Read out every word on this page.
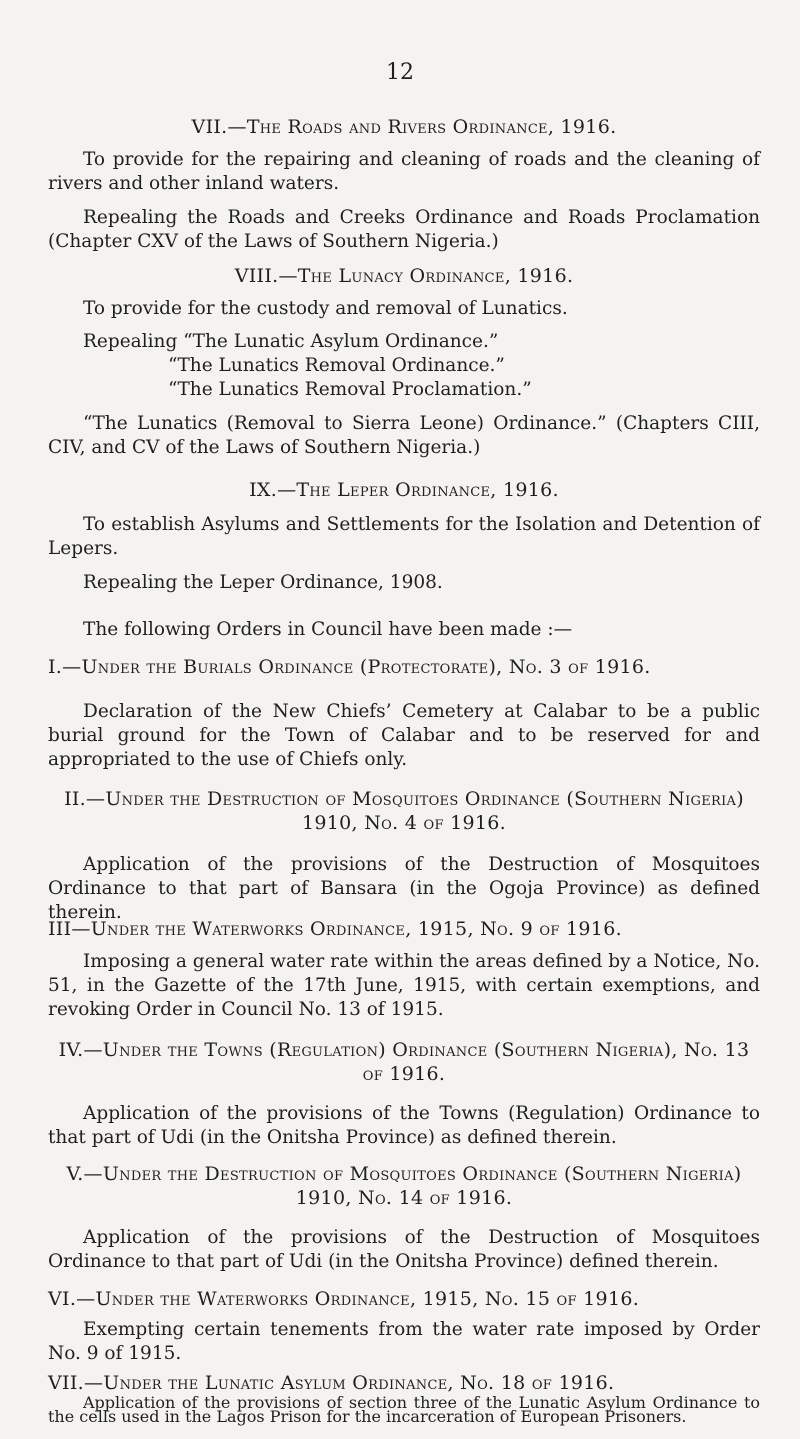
12
VII.—The Roads and Rivers Ordinance, 1916.

To provide for the repairing and cleaning of roads and the cleaning of rivers and other inland waters.

Repealing the Roads and Creeks Ordinance and Roads Proclamation (Chapter CXV of the Laws of Southern Nigeria.)

VIII.—The Lunacy Ordinance, 1916.

To provide for the custody and removal of Lunatics.

Repealing “The Lunatic Asylum Ordinance.”

“The Lunatics Removal Ordinance.”

“The Lunatics Removal Proclamation.”

“The Lunatics (Removal to Sierra Leone) Ordinance.” (Chapters CIII, CIV, and CV of the Laws of Southern Nigeria.)

IX.—The Leper Ordinance, 1916.

To establish Asylums and Settlements for the Isolation and Detention of Lepers.

Repealing the Leper Ordinance, 1908.

The following Orders in Council have been made :—

I.—Under the Burials Ordinance (Protectorate), No. 3 of 1916.

Declaration of the New Chiefs’ Cemetery at Calabar to be a public burial ground for the Town of Calabar and to be reserved for and appropriated to the use of Chiefs only.

II.—Under the Destruction of Mosquitoes Ordinance (Southern Nigeria) 1910, No. 4 of 1916.

Application of the provisions of the Destruction of Mosquitoes Ordinance to that part of Bansara (in the Ogoja Province) as defined therein.

III—Under the Waterworks Ordinance, 1915, No. 9 of 1916.

Imposing a general water rate within the areas defined by a Notice, No. 51, in the Gazette of the 17th June, 1915, with certain exemptions, and revoking Order in Council No. 13 of 1915.

IV.—Under the Towns (Regulation) Ordinance (Southern Nigeria), No. 13 of 1916.

Application of the provisions of the Towns (Regulation) Ordinance to that part of Udi (in the Onitsha Province) as defined therein.

V.—Under the Destruction of Mosquitoes Ordinance (Southern Nigeria) 1910, No. 14 of 1916.

Application of the provisions of the Destruction of Mosquitoes Ordinance to that part of Udi (in the Onitsha Province) defined therein.

VI.—Under the Waterworks Ordinance, 1915, No. 15 of 1916.

Exempting certain tenements from the water rate imposed by Order No. 9 of 1915.

VII.—Under the Lunatic Asylum Ordinance, No. 18 of 1916.

Application of the provisions of section three of the Lunatic Asylum Ordinance to the cells used in the Lagos Prison for the incarceration of European Prisoners.
